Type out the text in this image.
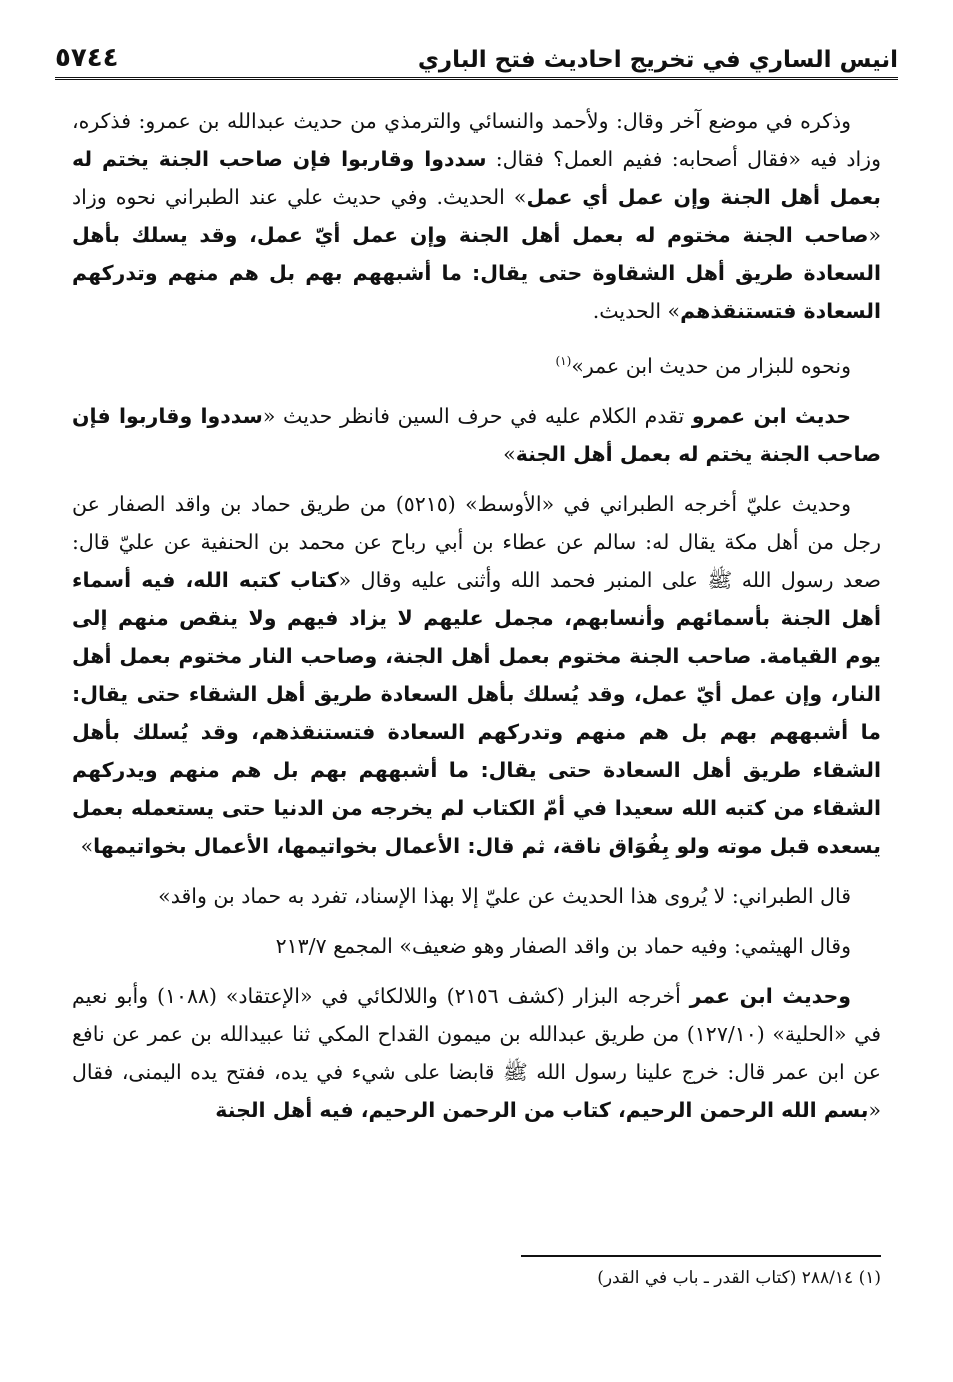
٥٧٤٤	انيس الساري في تخريج احاديث فتح الباري

وذكره في موضع آخر وقال: ولأحمد والنسائي والترمذي من حديث عبدالله بن عمرو: فذكره، وزاد فيه «فقال أصحابه: ففيم العمل؟ فقال: سددوا وقاربوا فإن صاحب الجنة يختم له بعمل أهل الجنة وإن عمل أي عمل» الحديث. وفي حديث علي عند الطبراني نحوه وزاد «صاحب الجنة مختوم له بعمل أهل الجنة وإن عمل أيّ عمل، وقد يسلك بأهل السعادة طريق أهل الشقاوة حتى يقال: ما أشبههم بهم بل هم منهم وتدركهم السعادة فتستنقذهم» الحديث.

ونحوه للبزار من حديث ابن عمر»$^{(١)}$

حديث ابن عمرو تقدم الكلام عليه في حرف السين فانظر حديث «سددوا وقاربوا فإن صاحب الجنة يختم له بعمل أهل الجنة»

وحديث عليّ أخرجه الطبراني في «الأوسط» (٥٢١٥) من طريق حماد بن واقد الصفار عن رجل من أهل مكة يقال له: سالم عن عطاء بن أبي رباح عن محمد بن الحنفية عن عليّ قال: صعد رسول الله ﷺ على المنبر فحمد الله وأثنى عليه وقال «كتاب كتبه الله، فيه أسماء أهل الجنة بأسمائهم وأنسابهم، مجمل عليهم لا يزاد فيهم ولا ينقص منهم إلى يوم القيامة. صاحب الجنة مختوم بعمل أهل الجنة، وصاحب النار مختوم بعمل أهل النار، وإن عمل أيّ عمل، وقد يُسلك بأهل السعادة طريق أهل الشقاء حتى يقال: ما أشبههم بهم بل هم منهم وتدركهم السعادة فتستنقذهم، وقد يُسلك بأهل الشقاء طريق أهل السعادة حتى يقال: ما أشبههم بهم بل هم منهم ويدركهم الشقاء من كتبه الله سعيدا في أمّ الكتاب لم يخرجه من الدنيا حتى يستعمله بعمل يسعده قبل موته ولو بِفُوَاق ناقة، ثم قال: الأعمال بخواتيمها، الأعمال بخواتيمها»

قال الطبراني: لا يُروى هذا الحديث عن عليّ إلا بهذا الإسناد، تفرد به حماد بن واقد»

وقال الهيثمي: وفيه حماد بن واقد الصفار وهو ضعيف» المجمع ٢١٣/٧

وحديث ابن عمر أخرجه البزار (كشف ٢١٥٦) واللالكائي في «الإعتقاد» (١٠٨٨) وأبو نعيم في «الحلية» (١٢٧/١٠) من طريق عبدالله بن ميمون القداح المكي ثنا عبيدالله بن عمر عن نافع عن ابن عمر قال: خرج علينا رسول الله ﷺ قابضا على شيء في يده، ففتح يده اليمنى، فقال «بسم الله الرحمن الرحيم، كتاب من الرحمن الرحيم، فيه أهل الجنة

(١) ٢٨٨/١٤ (كتاب القدر ـ باب في القدر)
